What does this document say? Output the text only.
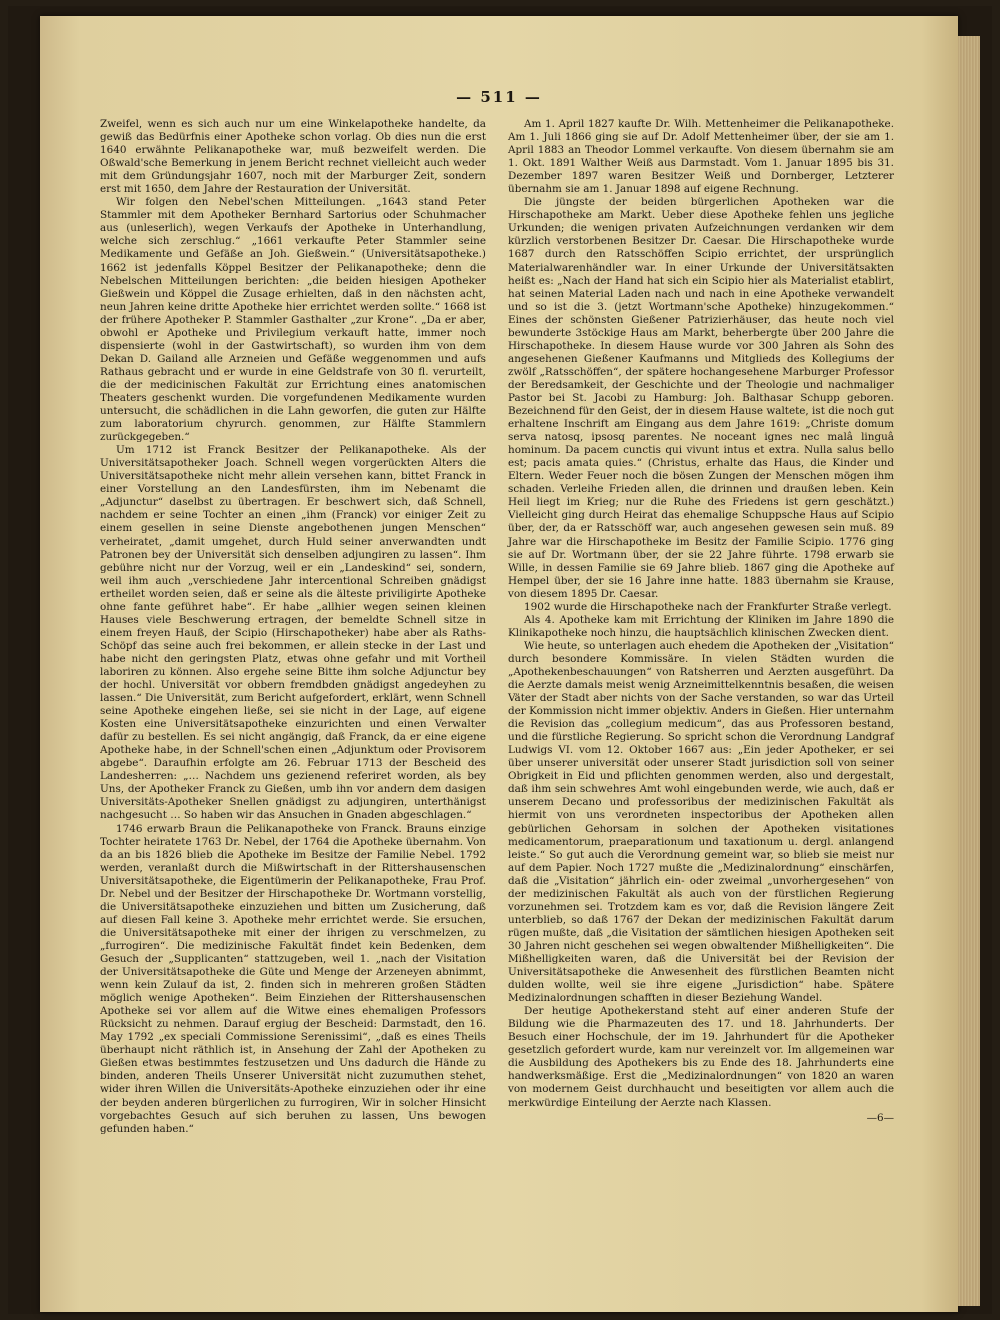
— 511 —

Zweifel, wenn es sich auch nur um eine Winkelapotheke handelte, da gewiß das Bedürfnis einer Apotheke schon vorlag. Ob dies nun die erst 1640 erwähnte Pelikanapotheke war, muß bezweifelt werden. Die Oßwald'sche Bemerkung in jenem Bericht rechnet vielleicht auch weder mit dem Gründungsjahr 1607, noch mit der Marburger Zeit, sondern erst mit 1650, dem Jahre der Restauration der Universität.

Wir folgen den Nebel'schen Mitteilungen. „1643 stand Peter Stammler mit dem Apotheker Bernhard Sartorius oder Schuhmacher aus (unleserlich), wegen Verkaufs der Apotheke in Unterhandlung, welche sich zerschlug.“ „1661 verkaufte Peter Stammler seine Medikamente und Gefäße an Joh. Gießwein.“ (Universitätsapotheke.) 1662 ist jedenfalls Köppel Besitzer der Pelikanapotheke; denn die Nebelschen Mitteilungen berichten: „die beiden hiesigen Apotheker Gießwein und Köppel die Zusage erhielten, daß in den nächsten acht, neun Jahren keine dritte Apotheke hier errichtet werden sollte.“ 1668 ist der frühere Apotheker P. Stammler Gasthalter „zur Krone“. „Da er aber, obwohl er Apotheke und Privilegium verkauft hatte, immer noch dispensierte (wohl in der Gastwirtschaft), so wurden ihm von dem Dekan D. Gailand alle Arzneien und Gefäße weggenommen und aufs Rathaus gebracht und er wurde in eine Geldstrafe von 30 fl. verurteilt, die der medicinischen Fakultät zur Errichtung eines anatomischen Theaters geschenkt wurden. Die vorgefundenen Medikamente wurden untersucht, die schädlichen in die Lahn geworfen, die guten zur Hälfte zum laboratorium chyrurch. genommen, zur Hälfte Stammlern zurückgegeben.“

Um 1712 ist Franck Besitzer der Pelikanapotheke. Als der Universitätsapotheker Joach. Schnell wegen vorgerückten Alters die Universitätsapotheke nicht mehr allein versehen kann, bittet Franck in einer Vorstellung an den Landesfürsten, ihm im Nebenamt die „Adjunctur“ daselbst zu übertragen. Er beschwert sich, daß Schnell, nachdem er seine Tochter an einen „ihm (Franck) vor einiger Zeit zu einem gesellen in seine Dienste angebothenen jungen Menschen“ verheiratet, „damit umgehet, durch Huld seiner anverwandten undt Patronen bey der Universität sich denselben adjungiren zu lassen“. Ihm gebühre nicht nur der Vorzug, weil er ein „Landeskind“ sei, sondern, weil ihm auch „verschiedene Jahr intercentional Schreiben gnädigst ertheilet worden seien, daß er seine als die älteste priviligirte Apotheke ohne fante geführet habe“. Er habe „allhier wegen seinen kleinen Hauses viele Beschwerung ertragen, der bemeldte Schnell sitze in einem freyen Hauß, der Scipio (Hirschapotheker) habe aber als Raths-Schöpf das seine auch frei bekommen, er allein stecke in der Last und habe nicht den geringsten Platz, etwas ohne gefahr und mit Vortheil laboriren zu können. Also ergehe seine Bitte ihm solche Adjunctur bey der hochl. Universität vor obbern fremdbden gnädigst angedeyhen zu lassen.“ Die Universität, zum Bericht aufgefordert, erklärt, wenn Schnell seine Apotheke eingehen ließe, sei sie nicht in der Lage, auf eigene Kosten eine Universitätsapotheke einzurichten und einen Verwalter dafür zu bestellen. Es sei nicht angängig, daß Franck, da er eine eigene Apotheke habe, in der Schnell'schen einen „Adjunktum oder Provisorem abgebe“. Daraufhin erfolgte am 26. Februar 1713 der Bescheid des Landesherren: „… Nachdem uns gezienend referiret worden, als bey Uns, der Apotheker Franck zu Gießen, umb ihn vor andern dem dasigen Universitäts-Apotheker Snellen gnädigst zu adjungiren, unterthänigst nachgesucht … So haben wir das Ansuchen in Gnaden abgeschlagen.“

1746 erwarb Braun die Pelikanapotheke von Franck. Brauns einzige Tochter heiratete 1763 Dr. Nebel, der 1764 die Apotheke übernahm. Von da an bis 1826 blieb die Apotheke im Besitze der Familie Nebel. 1792 werden, veranlaßt durch die Mißwirtschaft in der Rittershausenschen Universitätsapotheke, die Eigentümerin der Pelikanapotheke, Frau Prof. Dr. Nebel und der Besitzer der Hirschapotheke Dr. Wortmann vorstellig, die Universitätsapotheke einzuziehen und bitten um Zusicherung, daß auf diesen Fall keine 3. Apotheke mehr errichtet werde. Sie ersuchen, die Universitätsapotheke mit einer der ihrigen zu verschmelzen, zu „furrogiren“. Die medizinische Fakultät findet kein Bedenken, dem Gesuch der „Supplicanten“ stattzugeben, weil 1. „nach der Visitation der Universitätsapotheke die Güte und Menge der Arzeneyen abnimmt, wenn kein Zulauf da ist, 2. finden sich in mehreren großen Städten möglich wenige Apotheken“. Beim Einziehen der Rittershausenschen Apotheke sei vor allem auf die Witwe eines ehemaligen Professors Rücksicht zu nehmen. Darauf ergiug der Bescheid: Darmstadt, den 16. May 1792 „ex speciali Commissione Serenissimi“, „daß es eines Theils überhaupt nicht räthlich ist, in Ansehung der Zahl der Apotheken zu Gießen etwas bestimmtes festzusetzen und Uns dadurch die Hände zu binden, anderen Theils Unserer Universität nicht zuzumuthen stehet, wider ihren Willen die Universitäts-Apotheke einzuziehen oder ihr eine der beyden anderen bürgerlichen zu furrogiren, Wir in solcher Hinsicht vorgebachtes Gesuch auf sich beruhen zu lassen, Uns bewogen gefunden haben.“

Am 1. April 1827 kaufte Dr. Wilh. Mettenheimer die Pelikanapotheke. Am 1. Juli 1866 ging sie auf Dr. Adolf Mettenheimer über, der sie am 1. April 1883 an Theodor Lommel verkaufte. Von diesem übernahm sie am 1. Okt. 1891 Walther Weiß aus Darmstadt. Vom 1. Januar 1895 bis 31. Dezember 1897 waren Besitzer Weiß und Dornberger, Letzterer übernahm sie am 1. Januar 1898 auf eigene Rechnung.

Die jüngste der beiden bürgerlichen Apotheken war die Hirschapotheke am Markt. Ueber diese Apotheke fehlen uns jegliche Urkunden; die wenigen privaten Aufzeichnungen verdanken wir dem kürzlich verstorbenen Besitzer Dr. Caesar. Die Hirschapotheke wurde 1687 durch den Ratsschöffen Scipio errichtet, der ursprünglich Materialwarenhändler war. In einer Urkunde der Universitätsakten heißt es: „Nach der Hand hat sich ein Scipio hier als Materialist etablirt, hat seinen Material Laden nach und nach in eine Apotheke verwandelt und so ist die 3. (jetzt Wortmann'sche Apotheke) hinzugekommen.“ Eines der schönsten Gießener Patrizierhäuser, das heute noch viel bewunderte 3stöckige Haus am Markt, beherbergte über 200 Jahre die Hirschapotheke. In diesem Hause wurde vor 300 Jahren als Sohn des angesehenen Gießener Kaufmanns und Mitglieds des Kollegiums der zwölf „Ratsschöffen“, der spätere hochangesehene Marburger Professor der Beredsamkeit, der Geschichte und der Theologie und nachmaliger Pastor bei St. Jacobi zu Hamburg: Joh. Balthasar Schupp geboren. Bezeichnend für den Geist, der in diesem Hause waltete, ist die noch gut erhaltene Inschrift am Eingang aus dem Jahre 1619: „Christe domum serva natosq, ipsosq parentes. Ne noceant ignes nec malâ linguâ hominum. Da pacem cunctis qui vivunt intus et extra. Nulla salus bello est; pacis amata quies.“ (Christus, erhalte das Haus, die Kinder und Eltern. Weder Feuer noch die bösen Zungen der Menschen mögen ihm schaden. Verleihe Frieden allen, die drinnen und draußen leben. Kein Heil liegt im Krieg; nur die Ruhe des Friedens ist gern geschätzt.) Vielleicht ging durch Heirat das ehemalige Schuppsche Haus auf Scipio über, der, da er Ratsschöff war, auch angesehen gewesen sein muß. 89 Jahre war die Hirschapotheke im Besitz der Familie Scipio. 1776 ging sie auf Dr. Wortmann über, der sie 22 Jahre führte. 1798 erwarb sie Wille, in dessen Familie sie 69 Jahre blieb. 1867 ging die Apotheke auf Hempel über, der sie 16 Jahre inne hatte. 1883 übernahm sie Krause, von diesem 1895 Dr. Caesar.

1902 wurde die Hirschapotheke nach der Frankfurter Straße verlegt.

Als 4. Apotheke kam mit Errichtung der Kliniken im Jahre 1890 die Klinikapotheke noch hinzu, die hauptsächlich klinischen Zwecken dient.

Wie heute, so unterlagen auch ehedem die Apotheken der „Visitation“ durch besondere Kommissäre. In vielen Städten wurden die „Apothekenbeschauungen“ von Ratsherren und Aerzten ausgeführt. Da die Aerzte damals meist wenig Arzneimittelkenntnis besaßen, die weisen Väter der Stadt aber nichts von der Sache verstanden, so war das Urteil der Kommission nicht immer objektiv. Anders in Gießen. Hier unternahm die Revision das „collegium medicum“, das aus Professoren bestand, und die fürstliche Regierung. So spricht schon die Verordnung Landgraf Ludwigs VI. vom 12. Oktober 1667 aus: „Ein jeder Apotheker, er sei über unserer universität oder unserer Stadt jurisdiction soll von seiner Obrigkeit in Eid und pflichten genommen werden, also und dergestalt, daß ihm sein schwehres Amt wohl eingebunden werde, wie auch, daß er unserem Decano und professoribus der medizinischen Fakultät als hiermit von uns verordneten inspectoribus der Apotheken allen gebürlichen Gehorsam in solchen der Apotheken visitationes medicamentorum, praeparationum und taxationum u. dergl. anlangend leiste.“ So gut auch die Verordnung gemeint war, so blieb sie meist nur auf dem Papier. Noch 1727 mußte die „Medizinalordnung“ einschärfen, daß die „Visitation“ jährlich ein- oder zweimal „unvorhergesehen“ von der medizinischen Fakultät als auch von der fürstlichen Regierung vorzunehmen sei. Trotzdem kam es vor, daß die Revision längere Zeit unterblieb, so daß 1767 der Dekan der medizinischen Fakultät darum rügen mußte, daß „die Visitation der sämtlichen hiesigen Apotheken seit 30 Jahren nicht geschehen sei wegen obwaltender Mißhelligkeiten“. Die Mißhelligkeiten waren, daß die Universität bei der Revision der Universitätsapotheke die Anwesenheit des fürstlichen Beamten nicht dulden wollte, weil sie ihre eigene „Jurisdiction“ habe. Spätere Medizinalordnungen schafften in dieser Beziehung Wandel.

Der heutige Apothekerstand steht auf einer anderen Stufe der Bildung wie die Pharmazeuten des 17. und 18. Jahrhunderts. Der Besuch einer Hochschule, der im 19. Jahrhundert für die Apotheker gesetzlich gefordert wurde, kam nur vereinzelt vor. Im allgemeinen war die Ausbildung des Apothekers bis zu Ende des 18. Jahrhunderts eine handwerksmäßige. Erst die „Medizinalordnungen“ von 1820 an waren von modernem Geist durchhaucht und beseitigten vor allem auch die merkwürdige Einteilung der Aerzte nach Klassen.

—6—
